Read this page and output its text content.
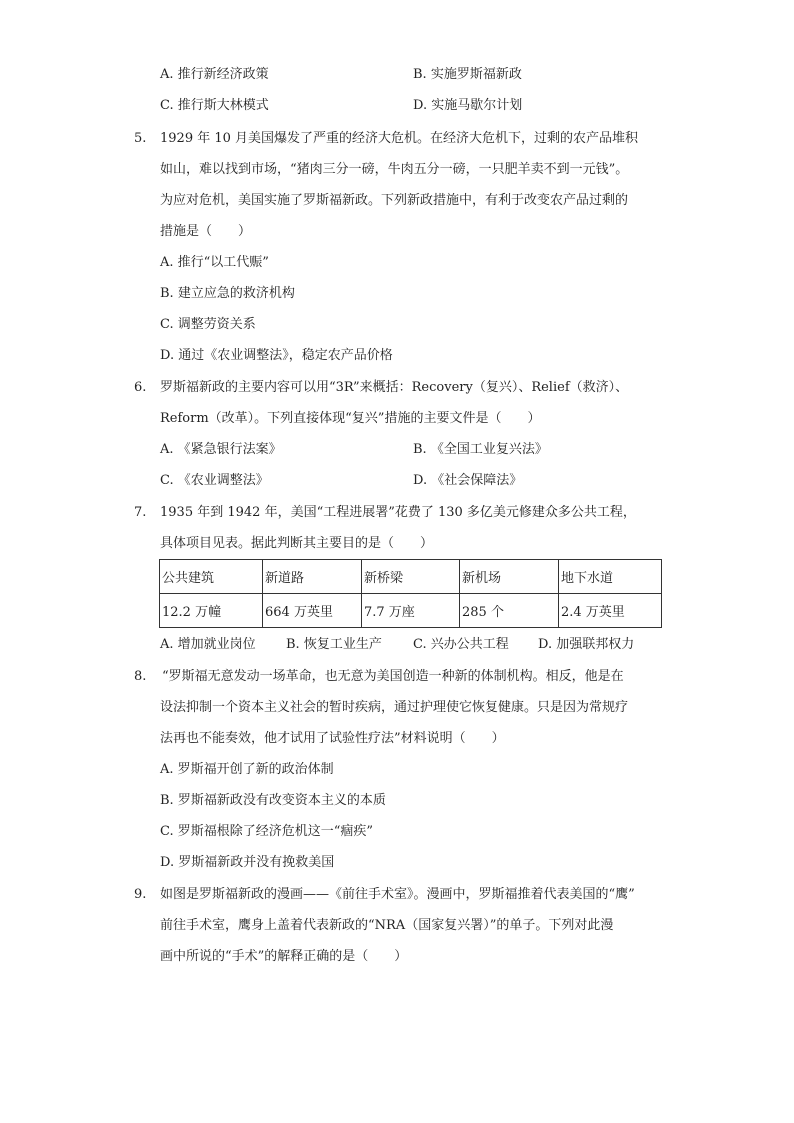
A. 推行新经济政策	B. 实施罗斯福新政
C. 推行斯大林模式	D. 实施马歇尔计划
5.	1929 年 10 月美国爆发了严重的经济大危机。在经济大危机下，过剩的农产品堆积
如山，难以找到市场，“猪肉三分一磅，牛肉五分一磅，一只肥羊卖不到一元钱”。
为应对危机，美国实施了罗斯福新政。下列新政措施中，有利于改变农产品过剩的
措施是（　　）
A. 推行“以工代赈”
B. 建立应急的救济机构
C. 调整劳资关系
D. 通过《农业调整法》，稳定农产品价格
6.	罗斯福新政的主要内容可以用“3R”来概括：Recovery（复兴）、Relief（救济）、
Reform（改革）。下列直接体现“复兴”措施的主要文件是（　　）
A. 《紧急银行法案》	B. 《全国工业复兴法》
C. 《农业调整法》	D. 《社会保障法》
7.	1935 年到 1942 年，美国“工程进展署”花费了 130 多亿美元修建众多公共工程，
具体项目见表。据此判断其主要目的是（　　）
公共建筑	新道路	新桥梁	新机场	地下水道
12.2 万幢	664 万英里	7.7 万座	285 个	2.4 万英里
A. 增加就业岗位 B. 恢复工业生产 C. 兴办公共工程 D. 加强联邦权力
8.	“罗斯福无意发动一场革命，也无意为美国创造一种新的体制机构。相反，他是在
设法抑制一个资本主义社会的暂时疾病，通过护理使它恢复健康。只是因为常规疗
法再也不能奏效，他才试用了试验性疗法”材料说明（　　）
A. 罗斯福开创了新的政治体制
B. 罗斯福新政没有改变资本主义的本质
C. 罗斯福根除了经济危机这一“痼疾”
D. 罗斯福新政并没有挽救美国
9.	如图是罗斯福新政的漫画——《前往手术室》。漫画中，罗斯福推着代表美国的“鹰”
前往手术室，鹰身上盖着代表新政的“NRA（国家复兴署）”的单子。下列对此漫
画中所说的“手术”的解释正确的是（　　）
